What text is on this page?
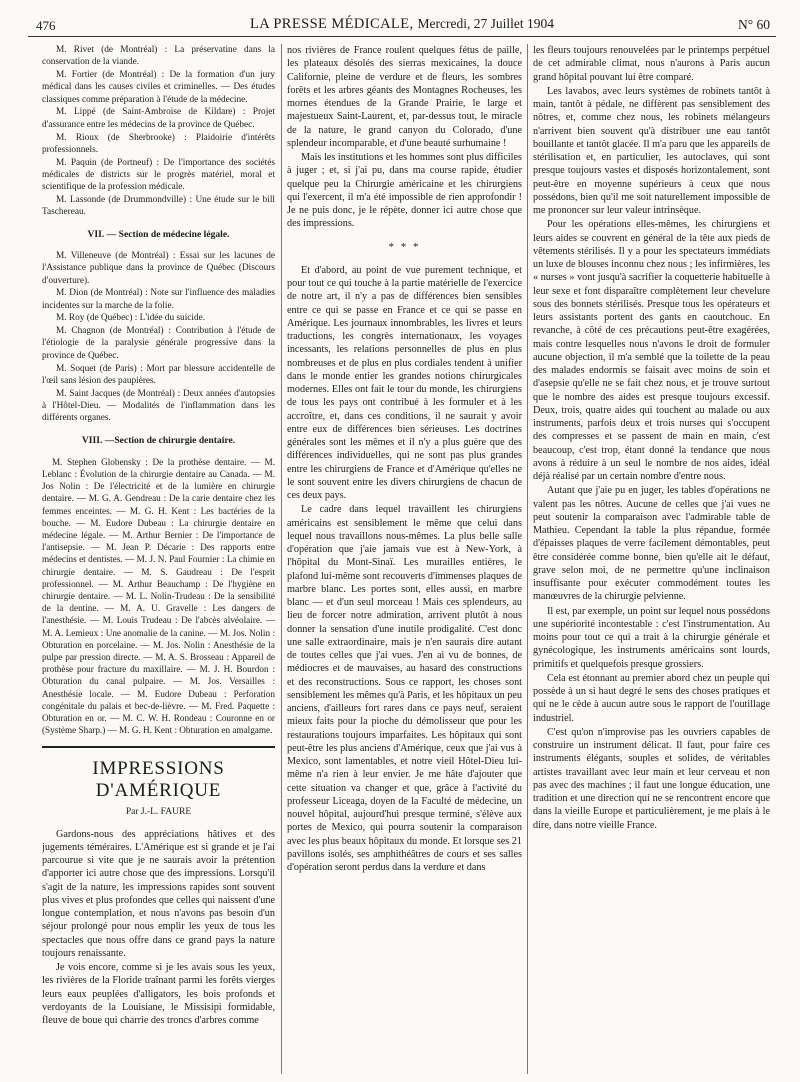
476	LA PRESSE MÉDICALE, Mercredi, 27 Juillet 1904	N° 60

M. Rivet (de Montréal) : La préservatine dans la conservation de la viande.

M. Fortier (de Montréal) : De la formation d'un jury médical dans les causes civiles et criminelles. — Des études classiques comme préparation à l'étude de la médecine.

M. Lippé (de Saint-Ambroise de Kildare) : Projet d'assurance entre les médecins de la province de Québec.

M. Rioux (de Sherbrooke) : Plaidoirie d'intérêts professionnels.

M. Paquin (de Portneuf) : De l'importance des sociétés médicales de districts sur le progrès matériel, moral et scientifique de la profession médicale.

M. Lassonde (de Drummondville) : Une étude sur le bill Taschereau.

VII. — Section de médecine légale.

M. Villeneuve (de Montréal) : Essai sur les lacunes de l'Assistance publique dans la province de Québec (Discours d'ouverture).

M. Dion (de Montréal) : Note sur l'influence des maladies incidentes sur la marche de la folie.

M. Roy (de Québec) : L'idée du suicide.

M. Chagnon (de Montréal) : Contribution à l'étude de l'étiologie de la paralysie générale progressive dans la province de Québec.

M. Soquet (de Paris) : Mort par blessure accidentelle de l'œil sans lésion des paupières.

M. Saint Jacques (de Montréal) : Deux années d'autopsies à l'Hôtel-Dieu. — Modalités de l'inflammation dans les différents organes.

VIII. —Section de chirurgie dentaire.

M. Stephen Globensky : De la prothèse dentaire. — M. Leblanc : Évolution de la chirurgie dentaire au Canada. — M. Jos Nolin : De l'électricité et de la lumière en chirurgie dentaire. — M. G. A. Gendreau : De la carie dentaire chez les femmes enceintes. — M. G. H. Kent : Les bactéries de la bouche. — M. Eudore Dubeau : La chirurgie dentaire en médecine légale. — M. Arthur Bernier : De l'importance de l'antisepsie. — M. Jean P. Décarie : Des rapports entre médecins et dentistes. — M. J. N. Paul Fournier : La chimie en chirurgie dentaire. — M. S. Gaudreau : De l'esprit professionnel. — M. Arthur Beauchamp : De l'hygiène en chirurgie dentaire. — M. L. Nolin-Trudeau : De la sensibilité de la dentine. — M. A. U. Gravelle : Les dangers de l'anesthésie. — M. Louis Trudeau : De l'abcès alvéolaire. — M. A. Lemieux : Une anomalie de la canine. — M. Jos. Nolin : Obturation en porcelaine. — M. Jos. Nolin : Anesthésie de la pulpe par pression directe. — M. A. S. Brosseau : Appareil de prothèse pour fracture du maxillaire. — M. J. H. Bourdon : Obturation du canal pulpaire. — M. Jos. Versailles : Anesthésie locale. — M. Eudore Dubeau : Perforation congénitale du palais et bec-de-lièvre. — M. Fred. Paquette : Obturation en or. — M. C. W. H. Rondeau : Couronne en or (Système Sharp.) — M. G. H. Kent : Obturation en amalgame.

IMPRESSIONS D'AMÉRIQUE
Par J.-L. FAURE

Gardons-nous des appréciations hâtives et des jugements téméraires. L'Amérique est si grande et je l'ai parcourue si vite que je ne saurais avoir la prétention d'apporter ici autre chose que des impressions. Lorsqu'il s'agit de la nature, les impressions rapides sont souvent plus vives et plus profondes que celles qui naissent d'une longue contemplation, et nous n'avons pas besoin d'un séjour prolongé pour nous emplir les yeux de tous les spectacles que nous offre dans ce grand pays la nature toujours renaissante.

Je vois encore, comme si je les avais sous les yeux, les rivières de la Floride traînant parmi les forêts vierges leurs eaux peuplées d'alligators, les bois profonds et verdoyants de la Louisiane, le Missisipi formidable, fleuve de boue qui charrie des troncs d'arbres comme

nos rivières de France roulent quelques fétus de paille, les plateaux désolés des sierras mexicaines, la douce Californie, pleine de verdure et de fleurs, les sombres forêts et les arbres géants des Montagnes Rocheuses, les mornes étendues de la Grande Prairie, le large et majestueux Saint-Laurent, et, par-dessus tout, le miracle de la nature, le grand canyon du Colorado, d'une splendeur incomparable, et d'une beauté surhumaine !

Mais les institutions et les hommes sont plus difficiles à juger ; et, si j'ai pu, dans ma course rapide, étudier quelque peu la Chirurgie américaine et les chirurgiens qui l'exercent, il m'a été impossible de rien approfondir ! Je ne puis donc, je le répète, donner ici autre chose que des impressions.

* * *

Et d'abord, au point de vue purement technique, et pour tout ce qui touche à la partie matérielle de l'exercice de notre art, il n'y a pas de différences bien sensibles entre ce qui se passe en France et ce qui se passe en Amérique. Les journaux innombrables, les livres et leurs traductions, les congrès internationaux, les voyages incessants, les relations personnelles de plus en plus nombreuses et de plus en plus cordiales tendent à unifier dans le monde entier les grandes notions chirurgicales modernes. Elles ont fait le tour du monde, les chirurgiens de tous les pays ont contribué à les formuler et à les accroître, et, dans ces conditions, il ne saurait y avoir entre eux de différences bien sérieuses. Les doctrines générales sont les mêmes et il n'y a plus guère que des différences individuelles, qui ne sont pas plus grandes entre les chirurgiens de France et d'Amérique qu'elles ne le sont souvent entre les divers chirurgiens de chacun de ces deux pays.

Le cadre dans lequel travaillent les chirurgiens américains est sensiblement le même que celui dans lequel nous travaillons nous-mêmes. La plus belle salle d'opération que j'aie jamais vue est à New-York, à l'hôpital du Mont-Sinaï. Les murailles entières, le plafond lui-même sont recouverts d'immenses plaques de marbre blanc. Les portes sont, elles aussi, en marbre blanc — et d'un seul morceau ! Mais ces splendeurs, au lieu de forcer notre admiration, arrivent plutôt à nous donner la sensation d'une inutile prodigalité. C'est donc une salle extraordinaire, mais je n'en saurais dire autant de toutes celles que j'ai vues. J'en ai vu de bonnes, de médiocres et de mauvaises, au hasard des constructions et des reconstructions. Sous ce rapport, les choses sont sensiblement les mêmes qu'à Paris, et les hôpitaux un peu anciens, d'ailleurs fort rares dans ce pays neuf, seraient mieux faits pour la pioche du démolisseur que pour les restaurations toujours imparfaites. Les hôpitaux qui sont peut-être les plus anciens d'Amérique, ceux que j'ai vus à Mexico, sont lamentables, et notre vieil Hôtel-Dieu lui-même n'a rien à leur envier. Je me hâte d'ajouter que cette situation va changer et que, grâce à l'activité du professeur Liceaga, doyen de la Faculté de médecine, un nouvel hôpital, aujourd'hui presque terminé, s'élève aux portes de Mexico, qui pourra soutenir la comparaison avec les plus beaux hôpitaux du monde. Et lorsque ses 21 pavillons isolés, ses amphithéâtres de cours et ses salles d'opération seront perdus dans la verdure et dans

les fleurs toujours renouvelées par le printemps perpétuel de cet admirable climat, nous n'aurons à Paris aucun grand hôpital pouvant lui être comparé.

Les lavabos, avec leurs systèmes de robinets tantôt à main, tantôt à pédale, ne diffèrent pas sensiblement des nôtres, et, comme chez nous, les robinets mélangeurs n'arrivent bien souvent qu'à distribuer une eau tantôt bouillante et tantôt glacée. Il m'a paru que les appareils de stérilisation et, en particulier, les autoclaves, qui sont presque toujours vastes et disposés horizontalement, sont peut-être en moyenne supérieurs à ceux que nous possédons, bien qu'il me soit naturellement impossible de me prononcer sur leur valeur intrinsèque.

Pour les opérations elles-mêmes, les chirurgiens et leurs aides se couvrent en général de la tête aux pieds de vêtements stérilisés. Il y a pour les spectateurs immédiats un luxe de blouses inconnu chez nous ; les infirmières, les « nurses » vont jusqu'à sacrifier la coquetterie habituelle à leur sexe et font disparaître complètement leur chevelure sous des bonnets stérilisés. Presque tous les opérateurs et leurs assistants portent des gants en caoutchouc. En revanche, à côté de ces précautions peut-être exagérées, mais contre lesquelles nous n'avons le droit de formuler aucune objection, il m'a semblé que la toilette de la peau des malades endormis se faisait avec moins de soin et d'asepsie qu'elle ne se fait chez nous, et je trouve surtout que le nombre des aides est presque toujours excessif. Deux, trois, quatre aides qui touchent au malade ou aux instruments, parfois deux et trois nurses qui s'occupent des compresses et se passent de main en main, c'est beaucoup, c'est trop, étant donné la tendance que nous avons à réduire à un seul le nombre de nos aides, idéal déjà réalisé par un certain nombre d'entre nous.

Autant que j'aie pu en juger, les tables d'opérations ne valent pas les nôtres. Aucune de celles que j'ai vues ne peut soutenir la comparaison avec l'admirable table de Mathieu. Cependant la table la plus répandue, formée d'épaisses plaques de verre facilement démontables, peut être considérée comme bonne, bien qu'elle ait le défaut, grave selon moi, de ne permettre qu'une inclinaison insuffisante pour exécuter commodément toutes les manœuvres de la chirurgie pelvienne.

Il est, par exemple, un point sur lequel nous possédons une supériorité incontestable : c'est l'instrumentation. Au moins pour tout ce qui a trait à la chirurgie générale et gynécologique, les instruments américains sont lourds, primitifs et quelquefois presque grossiers.

Cela est étonnant au premier abord chez un peuple qui possède à un si haut degré le sens des choses pratiques et qui ne le cède à aucun autre sous le rapport de l'outillage industriel.

C'est qu'on n'improvise pas les ouvriers capables de construire un instrument délicat. Il faut, pour faire ces instruments élégants, souples et solides, de véritables artistes travaillant avec leur main et leur cerveau et non pas avec des machines ; il faut une longue éducation, une tradition et une direction qui ne se rencontrent encore que dans la vieille Europe et particulièrement, je me plais à le dire, dans notre vieille France.
